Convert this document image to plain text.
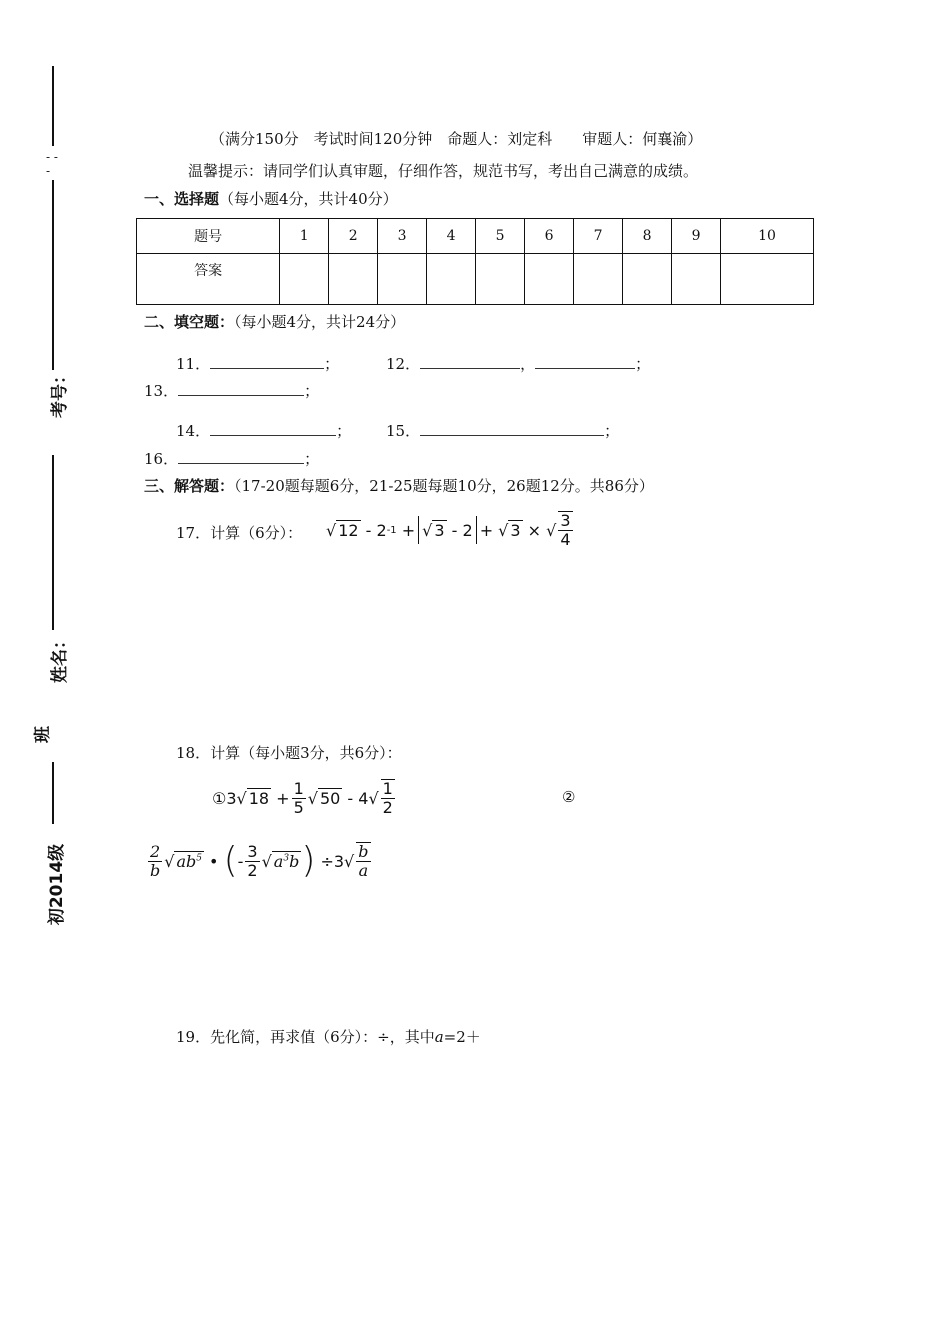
- - -
考号：
姓名：
班
初2014级
（满分150分　考试时间120分钟　命题人：刘定科　　审题人：何襄渝）
温馨提示：请同学们认真审题，仔细作答，规范书写，考出自己满意的成绩。
一、选择题（每小题4分，共计40分）
题号	1	2	3	4	5	6	7	8	9	10
答案										
二、填空题：（每小题4分，共计24分）
11．	；	12．	，	；
13．	；
14．	； 15．	；
16．	；
三、解答题：（17-20题每题6分，21-25题每题10分，26题12分。共86分）
17．计算（6分）： √ 12 - 2 -1 + √ 3 - 2 + √ 3 × √ $\frac{3}{4}$
18．计算（每小题3分，共6分）：
① 3√ $18 + \frac{1}{5}$ √ $50 - 4√ \frac{1}{2}$	②
$\frac{2}{b}$ √ $ab^5$ • ( - $\frac{3}{2}$ √ $a^3b$ ) $\div 3√ \frac{b}{a}$
19．先化简，再求值（6分）：÷，其中a=2＋
